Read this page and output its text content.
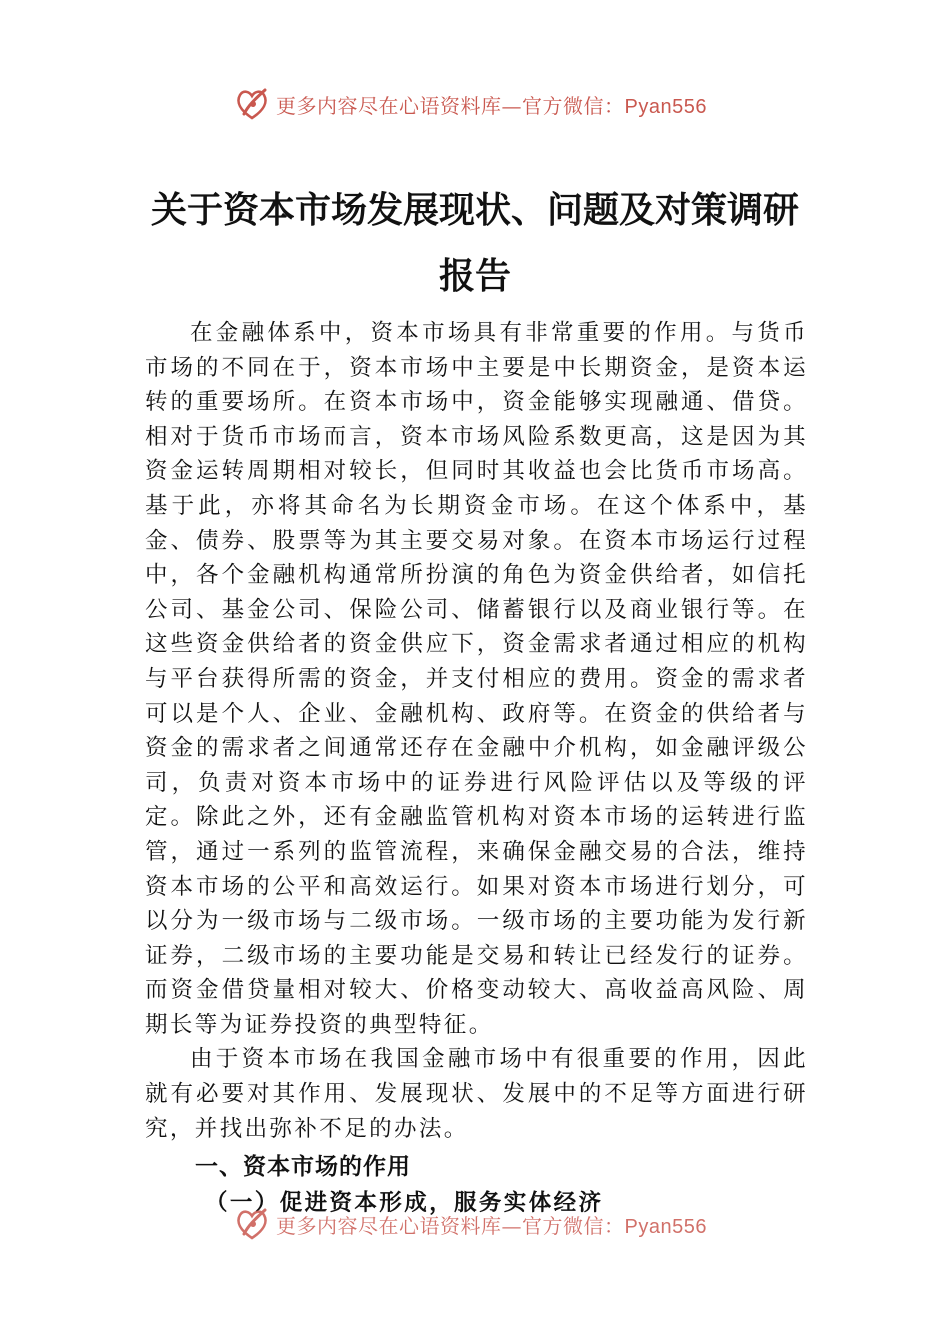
更多内容尽在心语资料库—官方微信：Pyan556
关于资本市场发展现状、问题及对策调研
报告

在金融体系中，资本市场具有非常重要的作用。与货币市场的不同在于，资本市场中主要是中长期资金，是资本运转的重要场所。在资本市场中，资金能够实现融通、借贷。相对于货币市场而言，资本市场风险系数更高，这是因为其资金运转周期相对较长，但同时其收益也会比货币市场高。基于此，亦将其命名为长期资金市场。在这个体系中，基金、债券、股票等为其主要交易对象。在资本市场运行过程中，各个金融机构通常所扮演的角色为资金供给者，如信托公司、基金公司、保险公司、储蓄银行以及商业银行等。在这些资金供给者的资金供应下，资金需求者通过相应的机构与平台获得所需的资金，并支付相应的费用。资金的需求者可以是个人、企业、金融机构、政府等。在资金的供给者与资金的需求者之间通常还存在金融中介机构，如金融评级公司，负责对资本市场中的证券进行风险评估以及等级的评定。除此之外，还有金融监管机构对资本市场的运转进行监管，通过一系列的监管流程，来确保金融交易的合法，维持资本市场的公平和高效运行。如果对资本市场进行划分，可以分为一级市场与二级市场。一级市场的主要功能为发行新证券，二级市场的主要功能是交易和转让已经发行的证券。而资金借贷量相对较大、价格变动较大、高收益高风险、周期长等为证券投资的典型特征。

由于资本市场在我国金融市场中有很重要的作用，因此就有必要对其作用、发展现状、发展中的不足等方面进行研究，并找出弥补不足的办法。

一、资本市场的作用
（一）促进资本形成，服务实体经济
更多内容尽在心语资料库—官方微信：Pyan556
